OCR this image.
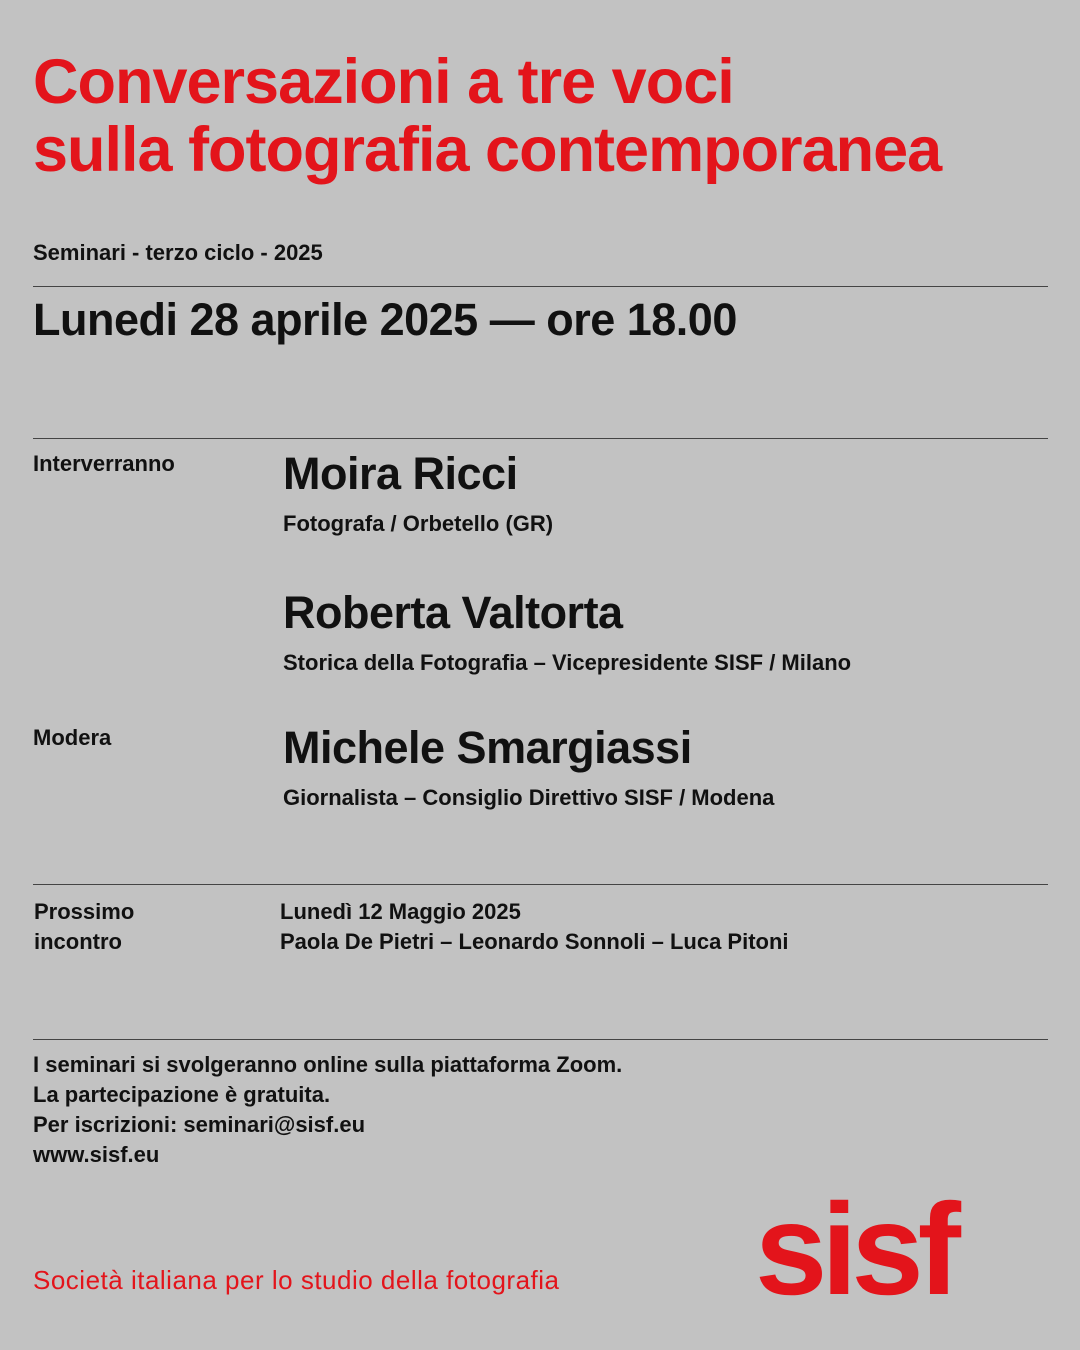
Conversazioni a tre voci
sulla fotografia contemporanea
Seminari - terzo ciclo - 2025
Lunedi 28 aprile 2025 — ore 18.00
Interverranno Moira Ricci
Fotografa / Orbetello (GR)
Roberta Valtorta
Storica della Fotografia – Vicepresidente SISF / Milano
Modera	Michele Smargiassi
Giornalista – Consiglio Direttivo SISF / Modena
Prossimo
incontro
Lunedì 12 Maggio 2025
Paola De Pietri – Leonardo Sonnoli – Luca Pitoni
I seminari si svolgeranno online sulla piattaforma Zoom.
La partecipazione è gratuita.
Per iscrizioni: seminari@sisf.eu
www.sisf.eu
Società italiana per lo studio della fotografia sisf
